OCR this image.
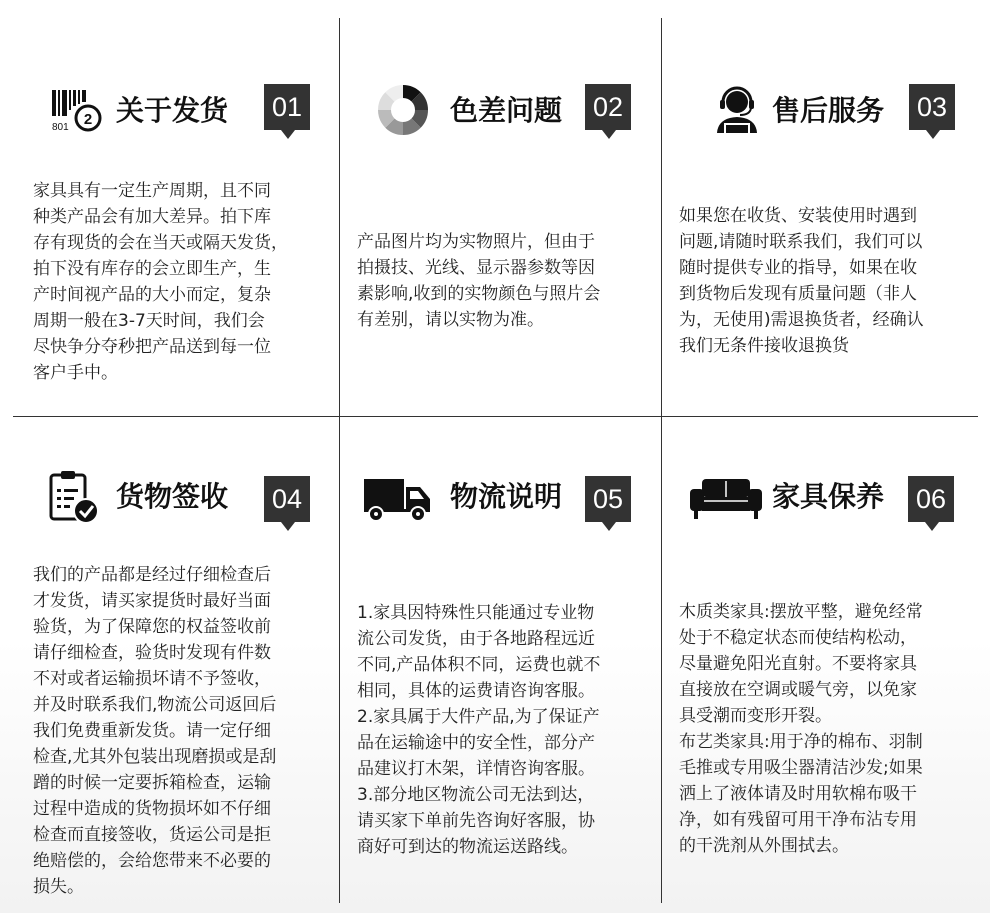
2
801
关于发货 01
家具具有一定生产周期，且不同
种类产品会有加大差异。拍下库
存有现货的会在当天或隔天发货，
拍下没有库存的会立即生产，生
产时间视产品的大小而定，复杂
周期一般在3-7天时间，我们会
尽快争分夺秒把产品送到每一位
客户手中。
色差问题 02
产品图片均为实物照片，但由于
拍摄技、光线、显示器参数等因
素影响,收到的实物颜色与照片会
有差别，请以实物为准。
售后服务 03
如果您在收货、安装使用时遇到
问题,请随时联系我们，我们可以
随时提供专业的指导，如果在收
到货物后发现有质量问题（非人
为，无使用)需退换货者，经确认
我们无条件接收退换货
货物签收 04
我们的产品都是经过仔细检查后
才发货，请买家提货时最好当面
验货，为了保障您的权益签收前
请仔细检查，验货时发现有件数
不对或者运输损坏请不予签收，
并及时联系我们,物流公司返回后
我们免费重新发货。请一定仔细
检查,尤其外包装出现磨损或是刮
蹭的时候一定要拆箱检查，运输
过程中造成的货物损坏如不仔细
检查而直接签收，货运公司是拒
绝赔偿的，会给您带来不必要的
损失。
物流说明 05
1.家具因特殊性只能通过专业物
流公司发货，由于各地路程远近
不同,产品体积不同，运费也就不
相同，具体的运费请咨询客服。
2.家具属于大件产品,为了保证产
品在运输途中的安全性，部分产
品建议打木架，详情咨询客服。
3.部分地区物流公司无法到达，
请买家下单前先咨询好客服，协
商好可到达的物流运送路线。
家具保养 06
木质类家具:摆放平整，避免经常
处于不稳定状态而使结构松动，
尽量避免阳光直射。不要将家具
直接放在空调或暖气旁，以免家
具受潮而变形开裂。
布艺类家具:用于净的棉布、羽制
毛推或专用吸尘器清洁沙发;如果
洒上了液体请及时用软棉布吸干
净，如有残留可用干净布沾专用
的干洗剂从外围拭去。
